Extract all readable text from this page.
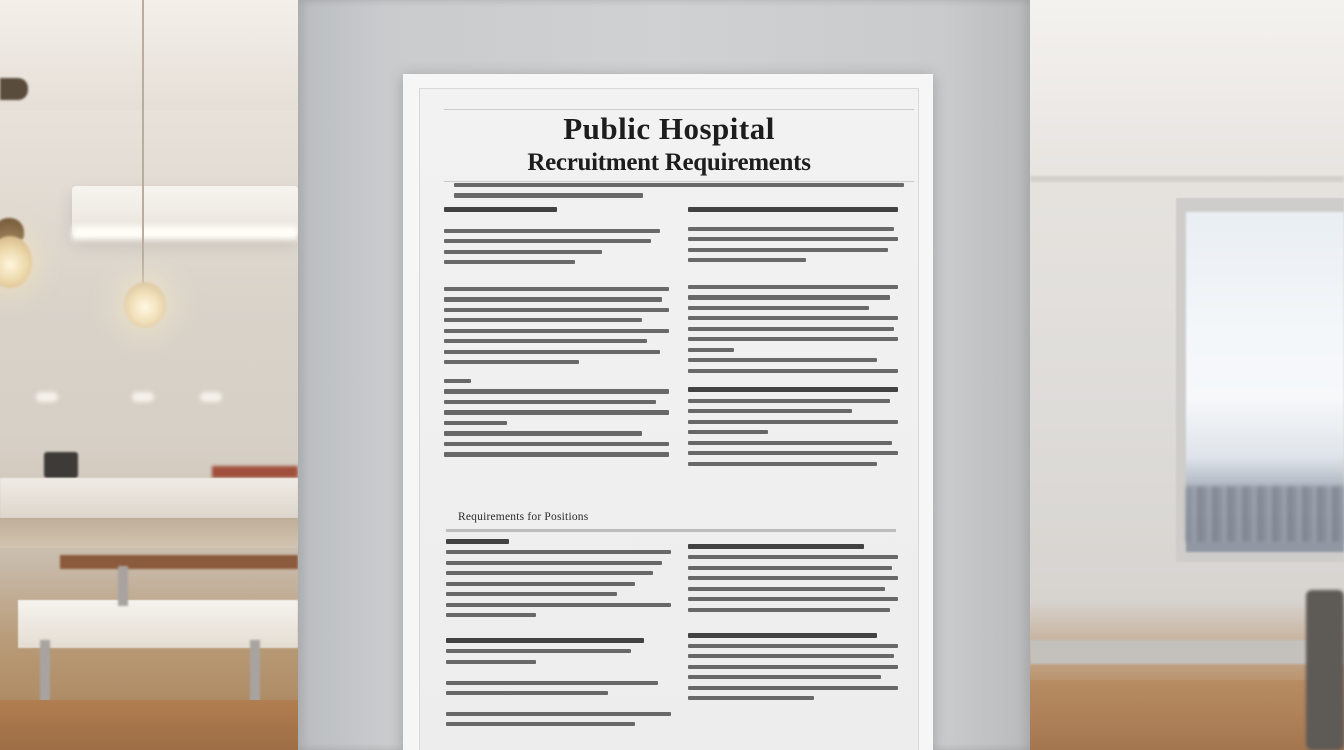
Public Hospital
Recruitment Requirements
Requirements for Positions
